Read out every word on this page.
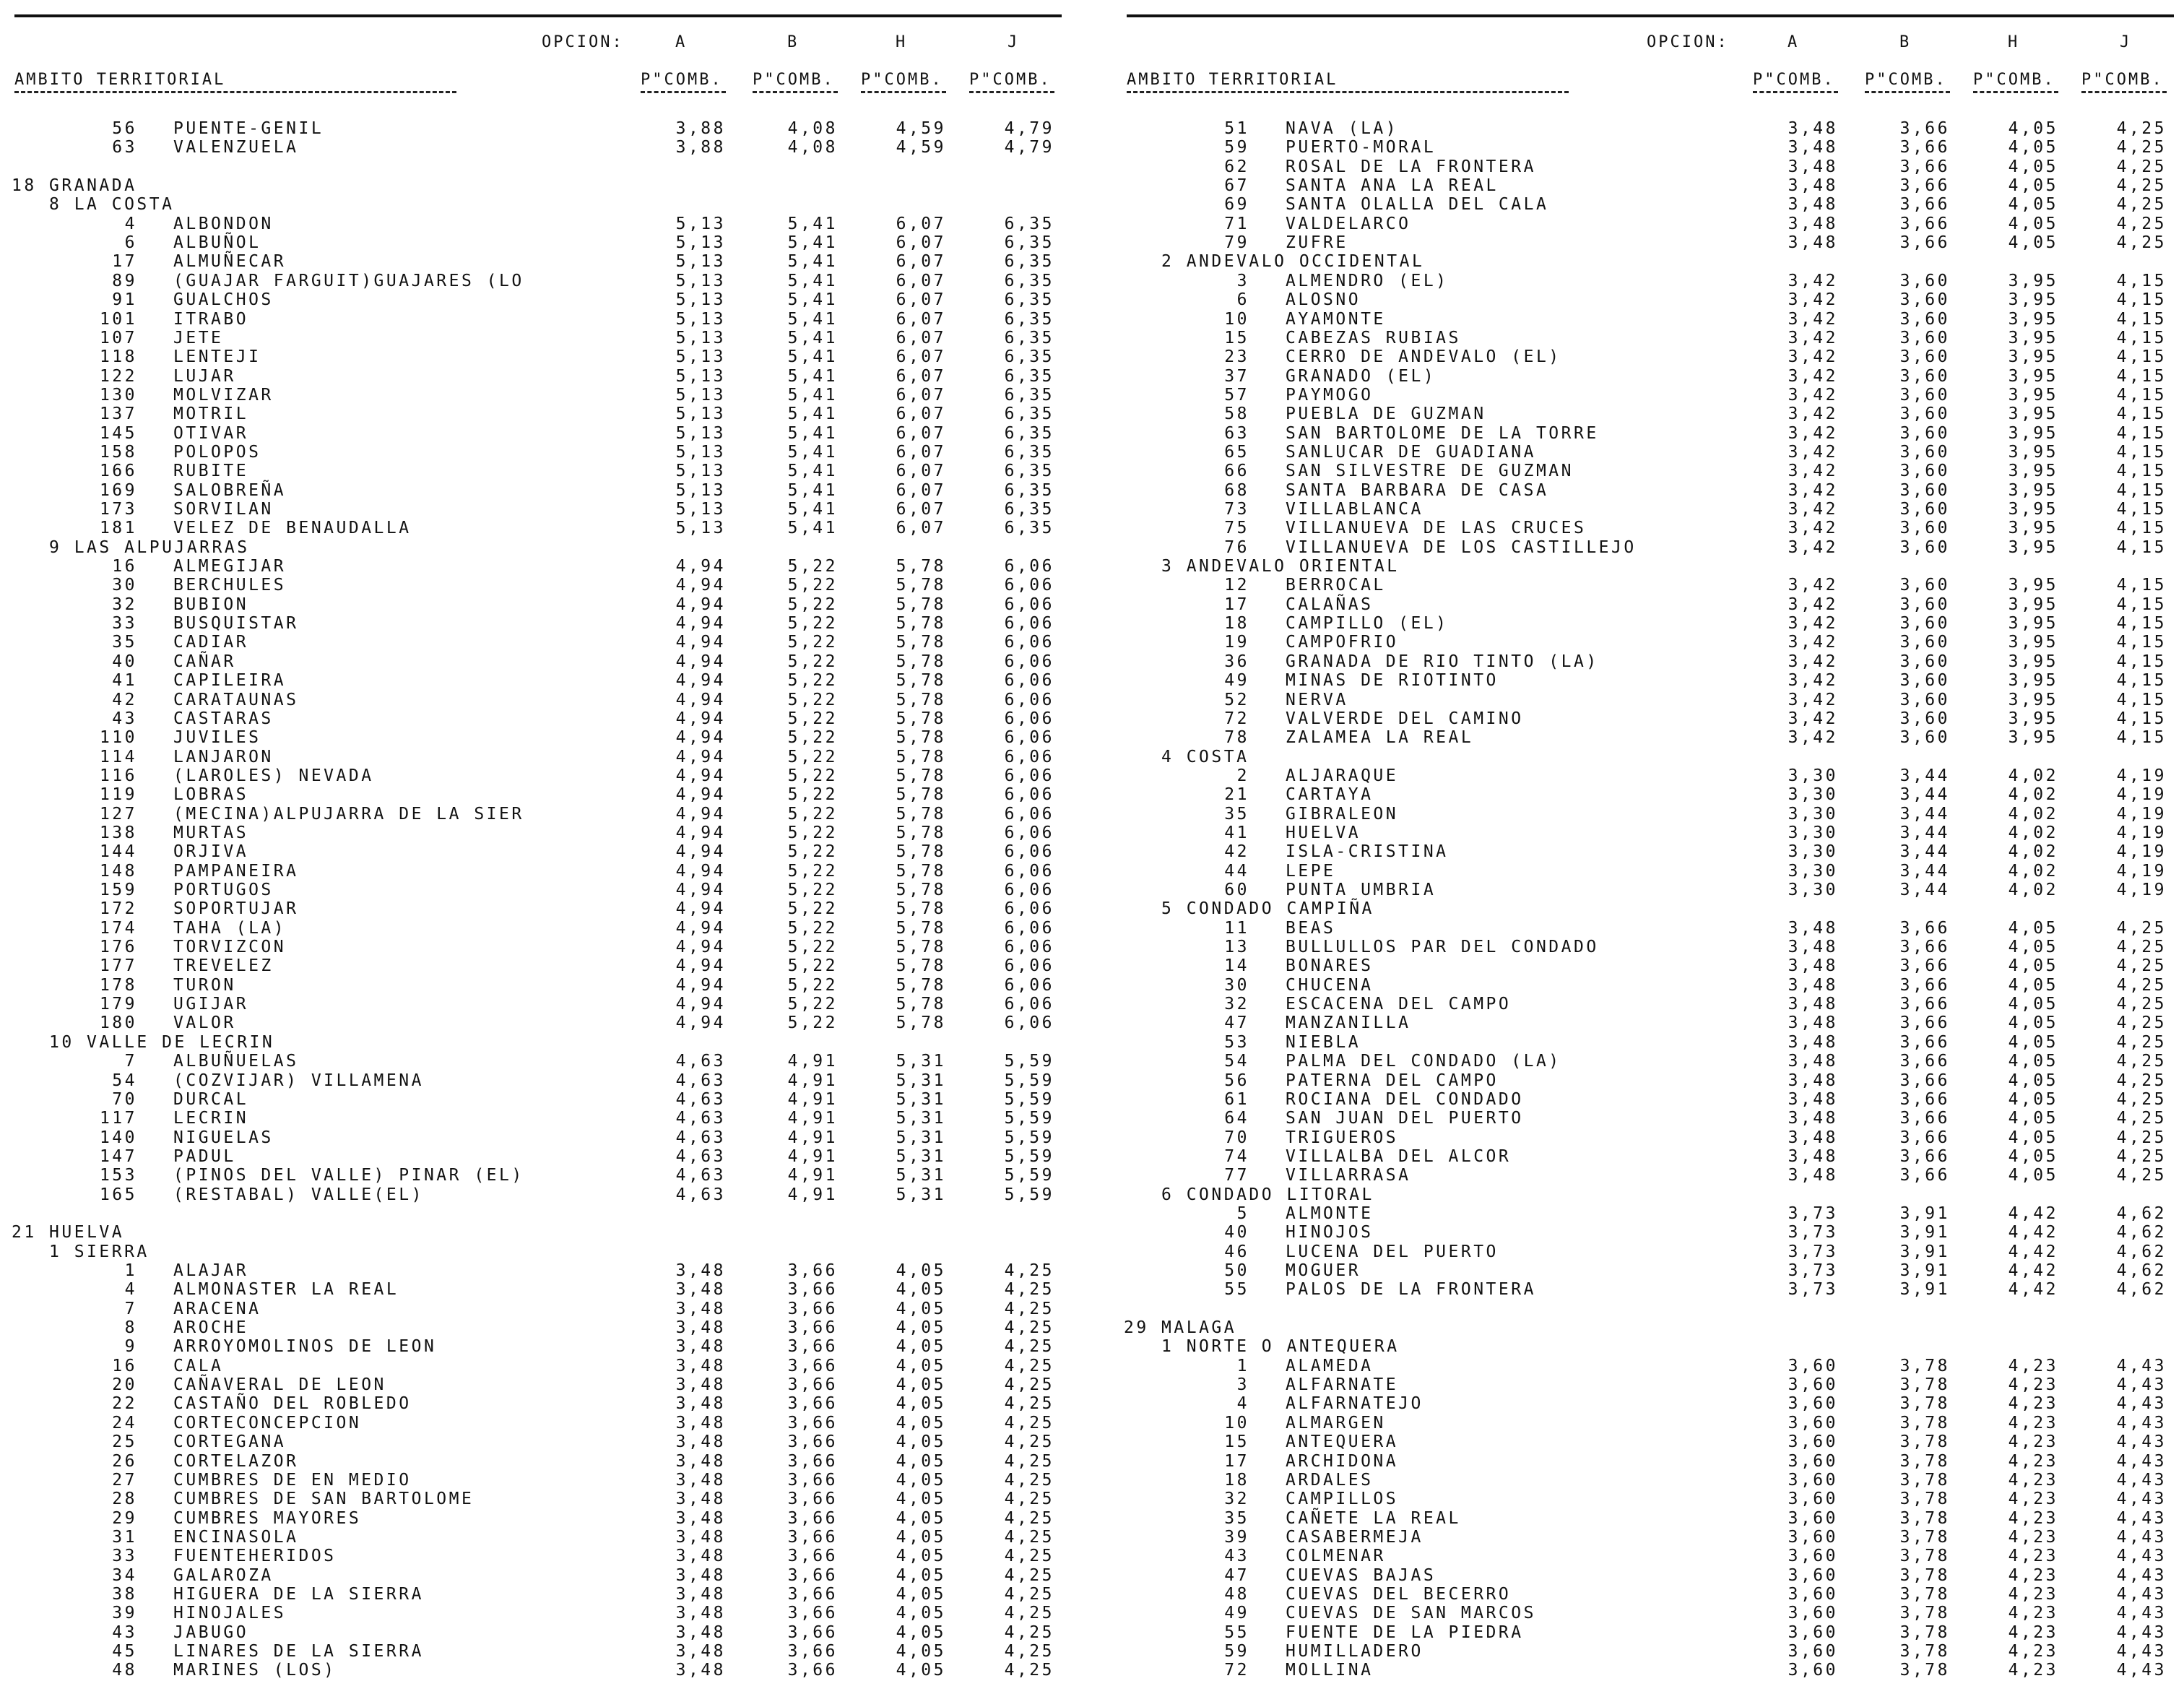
OPCION:	A	B	H	J
AMBITO TERRITORIAL	P"COMB. P"COMB. P"COMB. P"COMB.
56 PUENTE-GENIL	3,88	4,08	4,59	4,79
63 VALENZUELA	3,88	4,08	4,59	4,79
18 GRANADA
8 LA COSTA
4 ALBONDON	5,13	5,41	6,07	6,35
6 ALBUÑOL	5,13	5,41	6,07	6,35
17 ALMUÑECAR	5,13	5,41	6,07	6,35
89 (GUAJAR FARGUIT)GUAJARES (LO	5,13	5,41	6,07	6,35
91 GUALCHOS	5,13	5,41	6,07	6,35
101 ITRABO	5,13	5,41	6,07	6,35
107 JETE	5,13	5,41	6,07	6,35
118 LENTEJI	5,13	5,41	6,07	6,35
122 LUJAR	5,13	5,41	6,07	6,35
130 MOLVIZAR	5,13	5,41	6,07	6,35
137 MOTRIL	5,13	5,41	6,07	6,35
145 OTIVAR	5,13	5,41	6,07	6,35
158 POLOPOS	5,13	5,41	6,07	6,35
166 RUBITE	5,13	5,41	6,07	6,35
169 SALOBREÑA	5,13	5,41	6,07	6,35
173 SORVILAN	5,13	5,41	6,07	6,35
181 VELEZ DE BENAUDALLA	5,13	5,41	6,07	6,35
9 LAS ALPUJARRAS
16 ALMEGIJAR	4,94	5,22	5,78	6,06
30 BERCHULES	4,94	5,22	5,78	6,06
32 BUBION	4,94	5,22	5,78	6,06
33 BUSQUISTAR	4,94	5,22	5,78	6,06
35 CADIAR	4,94	5,22	5,78	6,06
40 CAÑAR	4,94	5,22	5,78	6,06
41 CAPILEIRA	4,94	5,22	5,78	6,06
42 CARATAUNAS	4,94	5,22	5,78	6,06
43 CASTARAS	4,94	5,22	5,78	6,06
110 JUVILES	4,94	5,22	5,78	6,06
114 LANJARON	4,94	5,22	5,78	6,06
116 (LAROLES) NEVADA	4,94	5,22	5,78	6,06
119 LOBRAS	4,94	5,22	5,78	6,06
127 (MECINA)ALPUJARRA DE LA SIER	4,94	5,22	5,78	6,06
138 MURTAS	4,94	5,22	5,78	6,06
144 ORJIVA	4,94	5,22	5,78	6,06
148 PAMPANEIRA	4,94	5,22	5,78	6,06
159 PORTUGOS	4,94	5,22	5,78	6,06
172 SOPORTUJAR	4,94	5,22	5,78	6,06
174 TAHA (LA)	4,94	5,22	5,78	6,06
176 TORVIZCON	4,94	5,22	5,78	6,06
177 TREVELEZ	4,94	5,22	5,78	6,06
178 TURON	4,94	5,22	5,78	6,06
179 UGIJAR	4,94	5,22	5,78	6,06
180 VALOR	4,94	5,22	5,78	6,06
10 VALLE DE LECRIN
7 ALBUÑUELAS	4,63	4,91	5,31	5,59
54 (COZVIJAR) VILLAMENA	4,63	4,91	5,31	5,59
70 DURCAL	4,63	4,91	5,31	5,59
117 LECRIN	4,63	4,91	5,31	5,59
140 NIGUELAS	4,63	4,91	5,31	5,59
147 PADUL	4,63	4,91	5,31	5,59
153 (PINOS DEL VALLE) PINAR (EL)	4,63	4,91	5,31	5,59
165 (RESTABAL) VALLE(EL)	4,63	4,91	5,31	5,59
21 HUELVA
1 SIERRA
1 ALAJAR	3,48	3,66	4,05	4,25
4 ALMONASTER LA REAL	3,48	3,66	4,05	4,25
7 ARACENA	3,48	3,66	4,05	4,25
8 AROCHE	3,48	3,66	4,05	4,25
9 ARROYOMOLINOS DE LEON	3,48	3,66	4,05	4,25
16 CALA	3,48	3,66	4,05	4,25
20 CAÑAVERAL DE LEON	3,48	3,66	4,05	4,25
22 CASTAÑO DEL ROBLEDO	3,48	3,66	4,05	4,25
24 CORTECONCEPCION	3,48	3,66	4,05	4,25
25 CORTEGANA	3,48	3,66	4,05	4,25
26 CORTELAZOR	3,48	3,66	4,05	4,25
27 CUMBRES DE EN MEDIO	3,48	3,66	4,05	4,25
28 CUMBRES DE SAN BARTOLOME	3,48	3,66	4,05	4,25
29 CUMBRES MAYORES	3,48	3,66	4,05	4,25
31 ENCINASOLA	3,48	3,66	4,05	4,25
33 FUENTEHERIDOS	3,48	3,66	4,05	4,25
34 GALAROZA	3,48	3,66	4,05	4,25
38 HIGUERA DE LA SIERRA	3,48	3,66	4,05	4,25
39 HINOJALES	3,48	3,66	4,05	4,25
43 JABUGO	3,48	3,66	4,05	4,25
45 LINARES DE LA SIERRA	3,48	3,66	4,05	4,25
48 MARINES (LOS)	3,48	3,66	4,05	4,25
OPCION:	A	B	H	J
AMBITO TERRITORIAL	P"COMB. P"COMB. P"COMB. P"COMB.
51 NAVA (LA)	3,48	3,66	4,05	4,25
59 PUERTO-MORAL	3,48	3,66	4,05	4,25
62 ROSAL DE LA FRONTERA	3,48	3,66	4,05	4,25
67 SANTA ANA LA REAL	3,48	3,66	4,05	4,25
69 SANTA OLALLA DEL CALA	3,48	3,66	4,05	4,25
71 VALDELARCO	3,48	3,66	4,05	4,25
79 ZUFRE	3,48	3,66	4,05	4,25
2 ANDEVALO OCCIDENTAL
3 ALMENDRO (EL)	3,42	3,60	3,95	4,15
6 ALOSNO	3,42	3,60	3,95	4,15
10 AYAMONTE	3,42	3,60	3,95	4,15
15 CABEZAS RUBIAS	3,42	3,60	3,95	4,15
23 CERRO DE ANDEVALO (EL)	3,42	3,60	3,95	4,15
37 GRANADO (EL)	3,42	3,60	3,95	4,15
57 PAYMOGO	3,42	3,60	3,95	4,15
58 PUEBLA DE GUZMAN	3,42	3,60	3,95	4,15
63 SAN BARTOLOME DE LA TORRE	3,42	3,60	3,95	4,15
65 SANLUCAR DE GUADIANA	3,42	3,60	3,95	4,15
66 SAN SILVESTRE DE GUZMAN	3,42	3,60	3,95	4,15
68 SANTA BARBARA DE CASA	3,42	3,60	3,95	4,15
73 VILLABLANCA	3,42	3,60	3,95	4,15
75 VILLANUEVA DE LAS CRUCES	3,42	3,60	3,95	4,15
76 VILLANUEVA DE LOS CASTILLEJO	3,42	3,60	3,95	4,15
3 ANDEVALO ORIENTAL
12 BERROCAL	3,42	3,60	3,95	4,15
17 CALAÑAS	3,42	3,60	3,95	4,15
18 CAMPILLO (EL)	3,42	3,60	3,95	4,15
19 CAMPOFRIO	3,42	3,60	3,95	4,15
36 GRANADA DE RIO TINTO (LA)	3,42	3,60	3,95	4,15
49 MINAS DE RIOTINTO	3,42	3,60	3,95	4,15
52 NERVA	3,42	3,60	3,95	4,15
72 VALVERDE DEL CAMINO	3,42	3,60	3,95	4,15
78 ZALAMEA LA REAL	3,42	3,60	3,95	4,15
4 COSTA
2 ALJARAQUE	3,30	3,44	4,02	4,19
21 CARTAYA	3,30	3,44	4,02	4,19
35 GIBRALEON	3,30	3,44	4,02	4,19
41 HUELVA	3,30	3,44	4,02	4,19
42 ISLA-CRISTINA	3,30	3,44	4,02	4,19
44 LEPE	3,30	3,44	4,02	4,19
60 PUNTA UMBRIA	3,30	3,44	4,02	4,19
5 CONDADO CAMPIÑA
11 BEAS	3,48	3,66	4,05	4,25
13 BULLULLOS PAR DEL CONDADO	3,48	3,66	4,05	4,25
14 BONARES	3,48	3,66	4,05	4,25
30 CHUCENA	3,48	3,66	4,05	4,25
32 ESCACENA DEL CAMPO	3,48	3,66	4,05	4,25
47 MANZANILLA	3,48	3,66	4,05	4,25
53 NIEBLA	3,48	3,66	4,05	4,25
54 PALMA DEL CONDADO (LA)	3,48	3,66	4,05	4,25
56 PATERNA DEL CAMPO	3,48	3,66	4,05	4,25
61 ROCIANA DEL CONDADO	3,48	3,66	4,05	4,25
64 SAN JUAN DEL PUERTO	3,48	3,66	4,05	4,25
70 TRIGUEROS	3,48	3,66	4,05	4,25
74 VILLALBA DEL ALCOR	3,48	3,66	4,05	4,25
77 VILLARRASA	3,48	3,66	4,05	4,25
6 CONDADO LITORAL
5 ALMONTE	3,73	3,91	4,42	4,62
40 HINOJOS	3,73	3,91	4,42	4,62
46 LUCENA DEL PUERTO	3,73	3,91	4,42	4,62
50 MOGUER	3,73	3,91	4,42	4,62
55 PALOS DE LA FRONTERA	3,73	3,91	4,42	4,62
29 MALAGA
1 NORTE O ANTEQUERA
1 ALAMEDA	3,60	3,78	4,23	4,43
3 ALFARNATE	3,60	3,78	4,23	4,43
4 ALFARNATEJO	3,60	3,78	4,23	4,43
10 ALMARGEN	3,60	3,78	4,23	4,43
15 ANTEQUERA	3,60	3,78	4,23	4,43
17 ARCHIDONA	3,60	3,78	4,23	4,43
18 ARDALES	3,60	3,78	4,23	4,43
32 CAMPILLOS	3,60	3,78	4,23	4,43
35 CAÑETE LA REAL	3,60	3,78	4,23	4,43
39 CASABERMEJA	3,60	3,78	4,23	4,43
43 COLMENAR	3,60	3,78	4,23	4,43
47 CUEVAS BAJAS	3,60	3,78	4,23	4,43
48 CUEVAS DEL BECERRO	3,60	3,78	4,23	4,43
49 CUEVAS DE SAN MARCOS	3,60	3,78	4,23	4,43
55 FUENTE DE LA PIEDRA	3,60	3,78	4,23	4,43
59 HUMILLADERO	3,60	3,78	4,23	4,43
72 MOLLINA	3,60	3,78	4,23	4,43
